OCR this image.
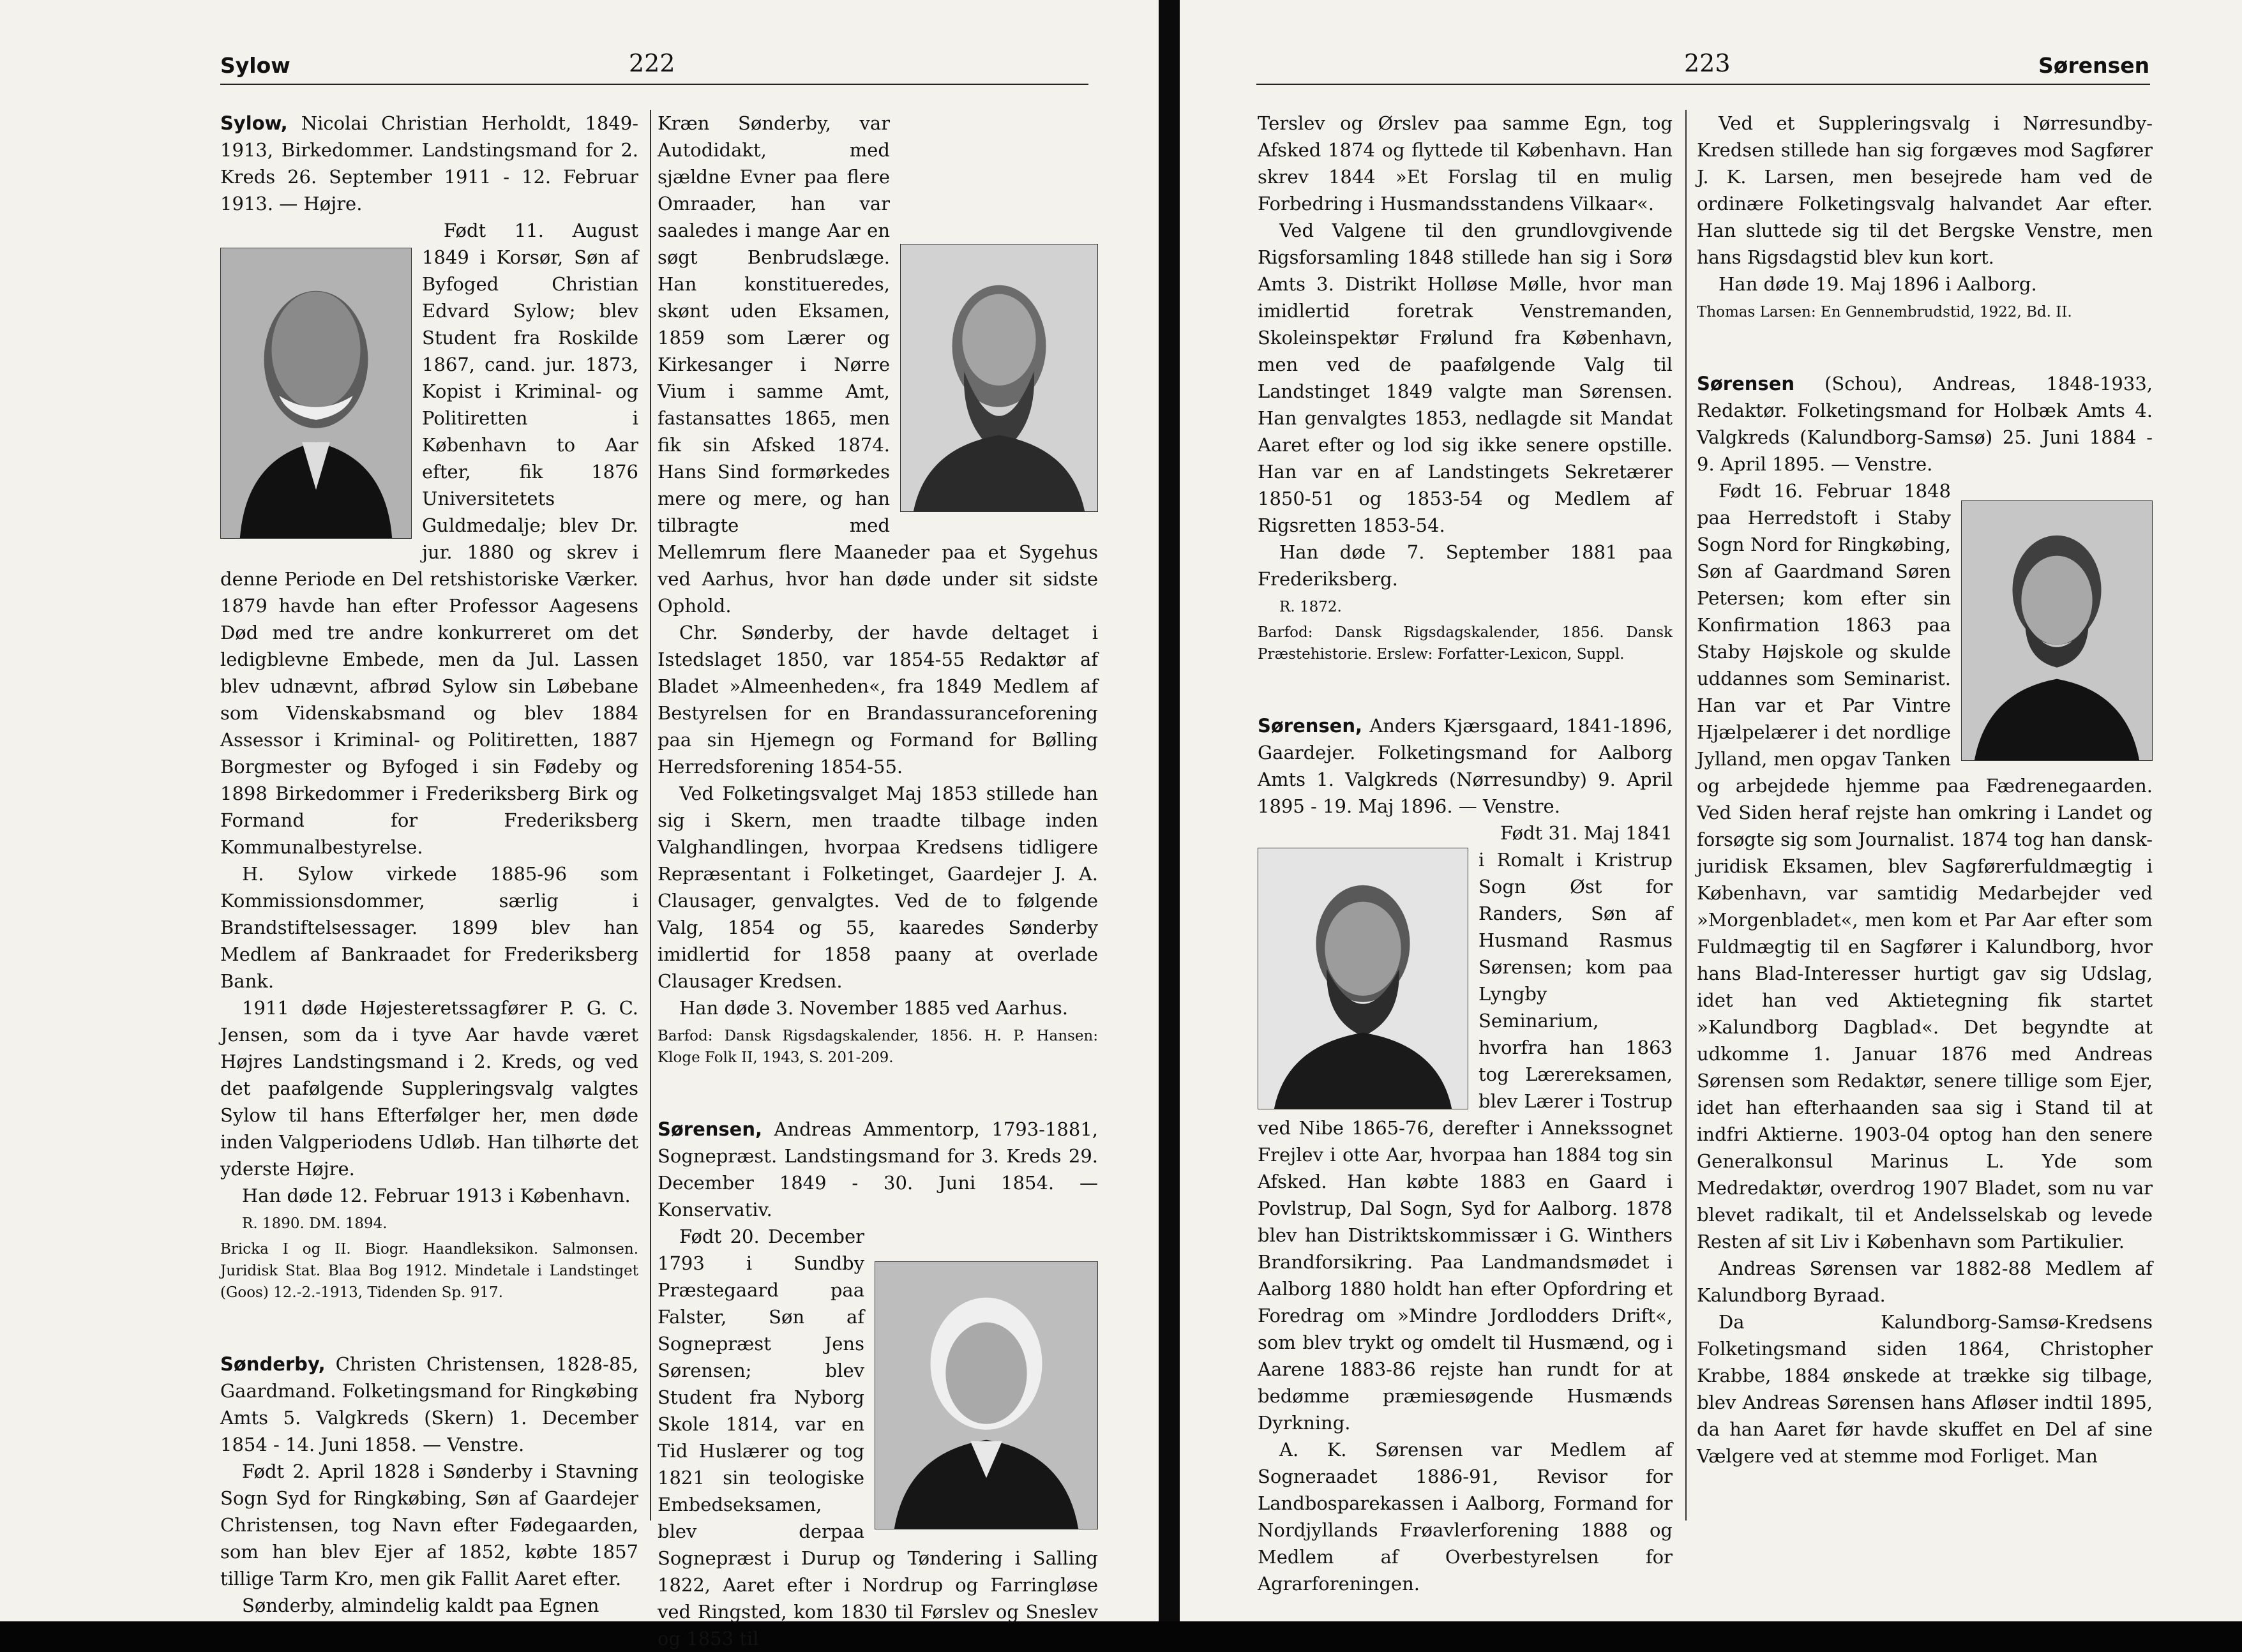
Sylow	222

Sylow, Nicolai Christian Herholdt, 1849-1913, Birkedommer. Landstingsmand for 2. Kreds 26. September 1911 - 12. Februar 1913. — Højre.

Født 11. August 1849 i Korsør, Søn af Byfoged Christian Edvard Sylow; blev Student fra Roskilde 1867, cand. jur. 1873, Kopist i Kriminal- og Politiretten i København to Aar efter, fik 1876 Universitetets Guldmedalje; blev Dr. jur. 1880 og skrev i denne Periode en Del retshistoriske Værker. 1879 havde han efter Professor Aagesens Død med tre andre konkurreret om det ledigblevne Embede, men da Jul. Lassen blev udnævnt, afbrød Sylow sin Løbebane som Videnskabsmand og blev 1884 Assessor i Kriminal- og Politiretten, 1887 Borgmester og Byfoged i sin Fødeby og 1898 Birkedommer i Frederiksberg Birk og Formand for Frederiksberg Kommunalbestyrelse.

H. Sylow virkede 1885-96 som Kommissionsdommer, særlig i Brandstiftelsessager. 1899 blev han Medlem af Bankraadet for Frederiksberg Bank.

1911 døde Højesteretssagfører P. G. C. Jensen, som da i tyve Aar havde været Højres Landstingsmand i 2. Kreds, og ved det paafølgende Suppleringsvalg valgtes Sylow til hans Efterfølger her, men døde inden Valgperiodens Udløb. Han tilhørte det yderste Højre.

Han døde 12. Februar 1913 i København.

R. 1890. DM. 1894.

Bricka I og II. Biogr. Haandleksikon. Salmonsen. Juridisk Stat. Blaa Bog 1912. Mindetale i Landstinget (Goos) 12.-2.-1913, Tidenden Sp. 917.

Sønderby, Christen Christensen, 1828-85, Gaardmand. Folketingsmand for Ringkøbing Amts 5. Valgkreds (Skern) 1. December 1854 - 14. Juni 1858. — Venstre.

Født 2. April 1828 i Sønderby i Stavning Sogn Syd for Ringkøbing, Søn af Gaardejer Christensen, tog Navn efter Fødegaarden, som han blev Ejer af 1852, købte 1857 tillige Tarm Kro, men gik Fallit Aaret efter.

Sønderby, almindelig kaldt paa Egnen

Kræn Sønderby, var Autodidakt, med sjældne Evner paa flere Omraader, han var saaledes i mange Aar en søgt Benbrudslæge. Han konstitueredes, skønt uden Eksamen, 1859 som Lærer og Kirkesanger i Nørre Vium i samme Amt, fastansattes 1865, men fik sin Afsked 1874. Hans Sind formørkedes mere og mere, og han tilbragte med Mellemrum flere Maaneder paa et Sygehus ved Aarhus, hvor han døde under sit sidste Ophold.

Chr. Sønderby, der havde deltaget i Istedslaget 1850, var 1854-55 Redaktør af Bladet »Almeenheden«, fra 1849 Medlem af Bestyrelsen for en Brandassuranceforening paa sin Hjemegn og Formand for Bølling Herredsforening 1854-55.

Ved Folketingsvalget Maj 1853 stillede han sig i Skern, men traadte tilbage inden Valghandlingen, hvorpaa Kredsens tidligere Repræsentant i Folketinget, Gaardejer J. A. Clausager, genvalgtes. Ved de to følgende Valg, 1854 og 55, kaaredes Sønderby imidlertid for 1858 paany at overlade Clausager Kredsen.

Han døde 3. November 1885 ved Aarhus.

Barfod: Dansk Rigsdagskalender, 1856. H. P. Hansen: Kloge Folk II, 1943, S. 201-209.

Sørensen, Andreas Ammentorp, 1793-1881, Sognepræst. Landstingsmand for 3. Kreds 29. December 1849 - 30. Juni 1854. — Konservativ.

Født 20. December 1793 i Sundby Præstegaard paa Falster, Søn af Sognepræst Jens Sørensen; blev Student fra Nyborg Skole 1814, var en Tid Huslærer og tog 1821 sin teologiske Embedseksamen, blev derpaa Sognepræst i Durup og Tøndering i Salling 1822, Aaret efter i Nordrup og Farringløse ved Ringsted, kom 1830 til Førslev og Sneslev og 1853 til

223	Sørensen

Terslev og Ørslev paa samme Egn, tog Afsked 1874 og flyttede til København. Han skrev 1844 »Et Forslag til en mulig Forbedring i Husmandsstandens Vilkaar«.

Ved Valgene til den grundlovgivende Rigsforsamling 1848 stillede han sig i Sorø Amts 3. Distrikt Holløse Mølle, hvor man imidlertid foretrak Venstremanden, Skoleinspektør Frølund fra København, men ved de paafølgende Valg til Landstinget 1849 valgte man Sørensen. Han genvalgtes 1853, nedlagde sit Mandat Aaret efter og lod sig ikke senere opstille. Han var en af Landstingets Sekretærer 1850-51 og 1853-54 og Medlem af Rigsretten 1853-54.

Han døde 7. September 1881 paa Frederiksberg.

R. 1872.

Barfod: Dansk Rigsdagskalender, 1856. Dansk Præstehistorie. Erslew: Forfatter-Lexicon, Suppl.

Sørensen, Anders Kjærsgaard, 1841-1896, Gaardejer. Folketingsmand for Aalborg Amts 1. Valgkreds (Nørresundby) 9. April 1895 - 19. Maj 1896. — Venstre.

Født 31. Maj 1841 i Romalt i Kristrup Sogn Øst for Randers, Søn af Husmand Rasmus Sørensen; kom paa Lyngby Seminarium, hvorfra han 1863 tog Lærereksamen, blev Lærer i Tostrup ved Nibe 1865-76, derefter i Annekssognet Frejlev i otte Aar, hvorpaa han 1884 tog sin Afsked. Han købte 1883 en Gaard i Povlstrup, Dal Sogn, Syd for Aalborg. 1878 blev han Distriktskommissær i G. Winthers Brandforsikring. Paa Landmandsmødet i Aalborg 1880 holdt han efter Opfordring et Foredrag om »Mindre Jordlodders Drift«, som blev trykt og omdelt til Husmænd, og i Aarene 1883-86 rejste han rundt for at bedømme præmiesøgende Husmænds Dyrkning.

A. K. Sørensen var Medlem af Sogneraadet 1886-91, Revisor for Landbosparekassen i Aalborg, Formand for Nordjyllands Frøavlerforening 1888 og Medlem af Overbestyrelsen for Agrarforeningen.

Ved et Suppleringsvalg i Nørresundby-Kredsen stillede han sig forgæves mod Sagfører J. K. Larsen, men besejrede ham ved de ordinære Folketingsvalg halvandet Aar efter. Han sluttede sig til det Bergske Venstre, men hans Rigsdagstid blev kun kort.

Han døde 19. Maj 1896 i Aalborg.

Thomas Larsen: En Gennembrudstid, 1922, Bd. II.

Sørensen (Schou), Andreas, 1848-1933, Redaktør. Folketingsmand for Holbæk Amts 4. Valgkreds (Kalundborg-Samsø) 25. Juni 1884 - 9. April 1895. — Venstre.

Født 16. Februar 1848 paa Herredstoft i Staby Sogn Nord for Ringkøbing, Søn af Gaardmand Søren Petersen; kom efter sin Konfirmation 1863 paa Staby Højskole og skulde uddannes som Seminarist. Han var et Par Vintre Hjælpelærer i det nordlige Jylland, men opgav Tanken og arbejdede hjemme paa Fædrenegaarden. Ved Siden heraf rejste han omkring i Landet og forsøgte sig som Journalist. 1874 tog han dansk-juridisk Eksamen, blev Sagførerfuldmægtig i København, var samtidig Medarbejder ved »Morgenbladet«, men kom et Par Aar efter som Fuldmægtig til en Sagfører i Kalundborg, hvor hans Blad-Interesser hurtigt gav sig Udslag, idet han ved Aktietegning fik startet »Kalundborg Dagblad«. Det begyndte at udkomme 1. Januar 1876 med Andreas Sørensen som Redaktør, senere tillige som Ejer, idet han efterhaanden saa sig i Stand til at indfri Aktierne. 1903-04 optog han den senere Generalkonsul Marinus L. Yde som Medredaktør, overdrog 1907 Bladet, som nu var blevet radikalt, til et Andelsselskab og levede Resten af sit Liv i København som Partikulier.

Andreas Sørensen var 1882-88 Medlem af Kalundborg Byraad.

Da Kalundborg-Samsø-Kredsens Folketingsmand siden 1864, Christopher Krabbe, 1884 ønskede at trække sig tilbage, blev Andreas Sørensen hans Afløser indtil 1895, da han Aaret før havde skuffet en Del af sine Vælgere ved at stemme mod Forliget. Man
